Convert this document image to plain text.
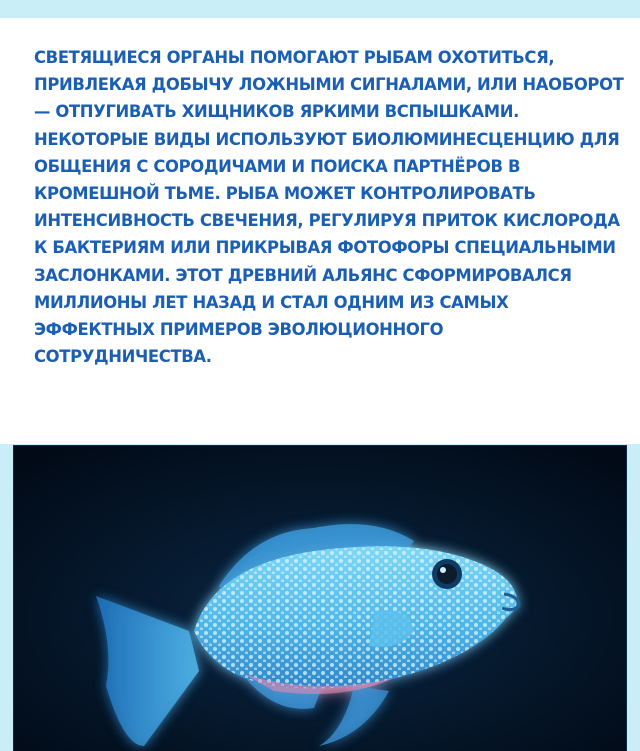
СВЕТЯЩИЕСЯ ОРГАНЫ ПОМОГАЮТ РЫБАМ ОХОТИТЬСЯ, ПРИВЛЕКАЯ ДОБЫЧУ ЛОЖНЫМИ СИГНАЛАМИ, ИЛИ НАОБОРОТ — ОТПУГИВАТЬ ХИЩНИКОВ ЯРКИМИ ВСПЫШКАМИ. НЕКОТОРЫЕ ВИДЫ ИСПОЛЬЗУЮТ БИОЛЮМИНЕСЦЕНЦИЮ ДЛЯ ОБЩЕНИЯ С СОРОДИЧАМИ И ПОИСКА ПАРТНЁРОВ В КРОМЕШНОЙ ТЬМЕ. РЫБА МОЖЕТ КОНТРОЛИРОВАТЬ ИНТЕНСИВНОСТЬ СВЕЧЕНИЯ, РЕГУЛИРУЯ ПРИТОК КИСЛОРОДА К БАКТЕРИЯМ ИЛИ ПРИКРЫВАЯ ФОТОФОРЫ СПЕЦИАЛЬНЫМИ ЗАСЛОНКАМИ. ЭТОТ ДРЕВНИЙ АЛЬЯНС СФОРМИРОВАЛСЯ МИЛЛИОНЫ ЛЕТ НАЗАД И СТАЛ ОДНИМ ИЗ САМЫХ ЭФФЕКТНЫХ ПРИМЕРОВ ЭВОЛЮЦИОННОГО СОТРУДНИЧЕСТВА.
